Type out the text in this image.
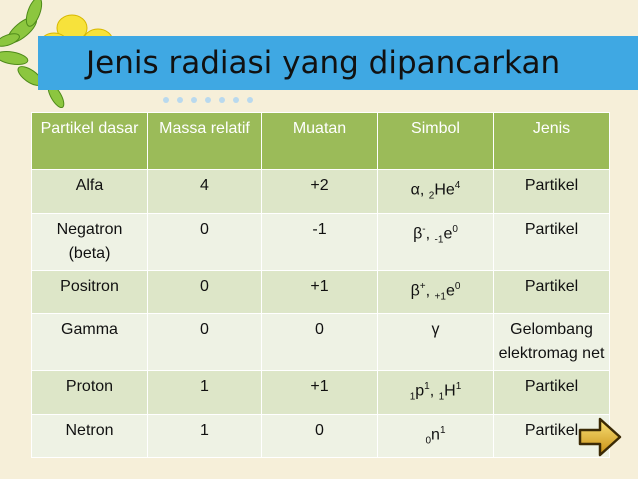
Jenis radiasi yang dipancarkan
Partikel dasar	Massa relatif	Muatan	Simbol	Jenis
Alfa	4	+2	α, $_2He^4$	Partikel
Negatron (beta)	0	-1	β-, $_{-1}e^0$	Partikel
Positron	0	+1	β+, $_{+1}e^0$	Partikel
Gamma	0	0	γ	Gelombang elektromag net
Proton	1	+1	$_1p^1$, $_1H^1$	Partikel
Netron	1	0	$_0n^1$	Partikel
